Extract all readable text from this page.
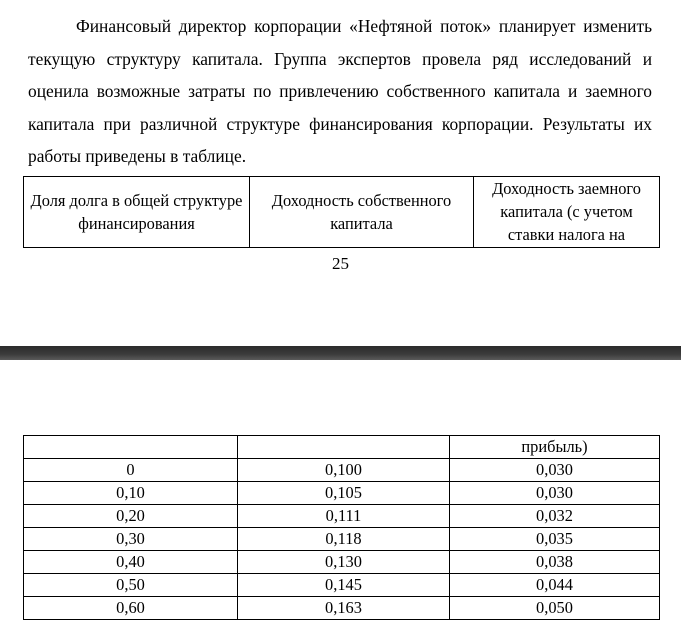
Финансовый директор корпорации «Нефтяной поток» планирует изменить текущую структуру капитала. Группа экспертов провела ряд исследований и оценила возможные затраты по привлечению собственного капитала и заемного капитала при различной структуре финансирования корпорации. Результаты их работы приведены в таблице.

Доля долга в общей структуре финансирования	Доходность собственного капитала	Доходность заемного капитала (с учетом ставки налога на
25
		прибыль)
0	0,100	0,030
0,10	0,105	0,030
0,20	0,111	0,032
0,30	0,118	0,035
0,40	0,130	0,038
0,50	0,145	0,044
0,60	0,163	0,050
